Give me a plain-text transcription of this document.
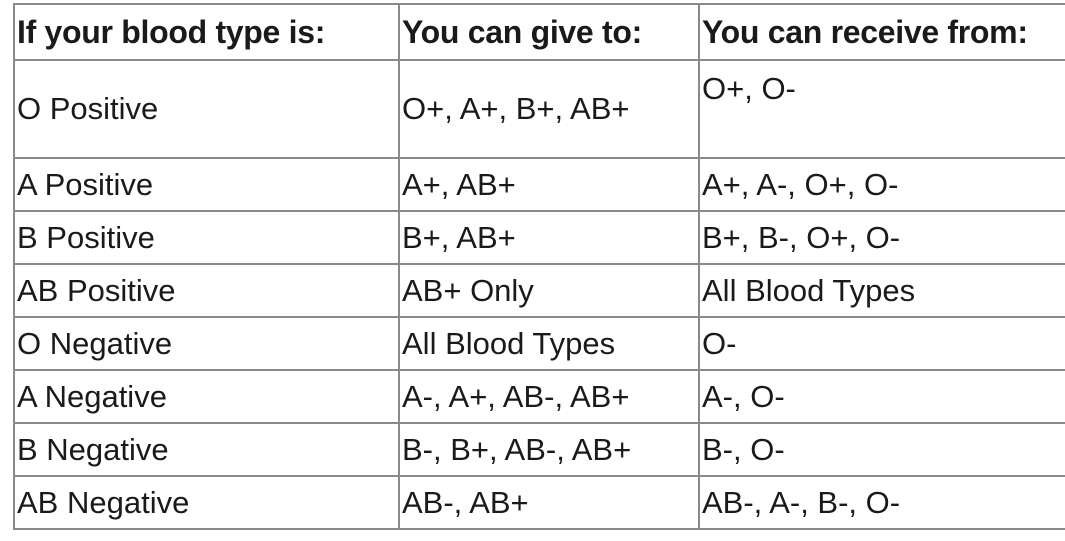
If your blood type is:	You can give to:	You can receive from:
O Positive	O+, A+, B+, AB+	O+, O-
A Positive	A+, AB+	A+, A-, O+, O-
B Positive	B+, AB+	B+, B-, O+, O-
AB Positive	AB+ Only	All Blood Types
O Negative	All Blood Types	O-
A Negative	A-, A+, AB-, AB+	A-, O-
B Negative	B-, B+, AB-, AB+	B-, O-
AB Negative	AB-, AB+	AB-, A-, B-, O-
